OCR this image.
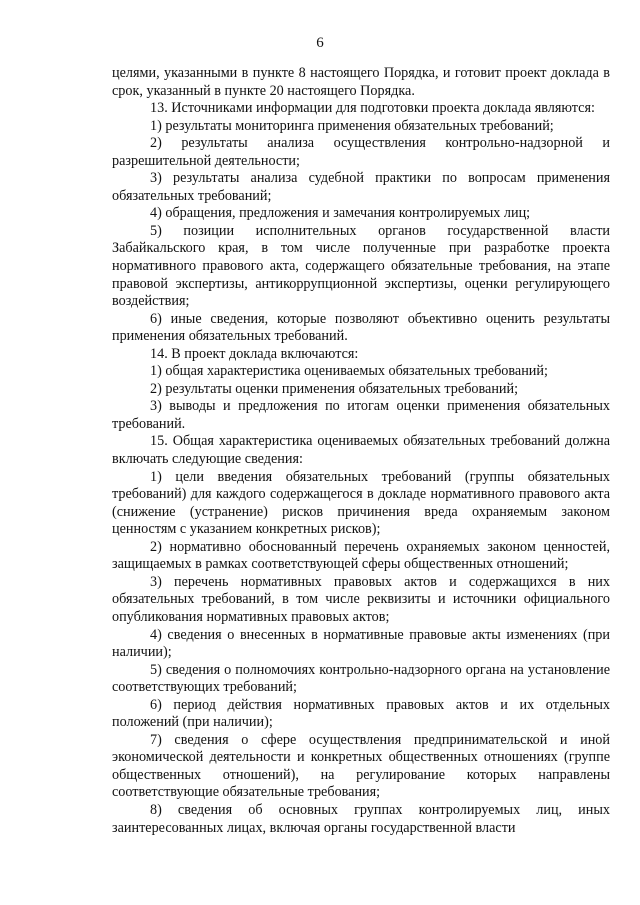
6

целями, указанными в пункте 8 настоящего Порядка, и готовит проект доклада в срок, указанный в пункте 20 настоящего Порядка.

13. Источниками информации для подготовки проекта доклада являются:

1) результаты мониторинга применения обязательных требований;

2) результаты анализа осуществления контрольно-надзорной и разрешительной деятельности;

3) результаты анализа судебной практики по вопросам применения обязательных требований;

4) обращения, предложения и замечания контролируемых лиц;

5) позиции исполнительных органов государственной власти Забайкальского края, в том числе полученные при разработке проекта нормативного правового акта, содержащего обязательные требования, на этапе правовой экспертизы, антикоррупционной экспертизы, оценки регулирующего воздействия;

6) иные сведения, которые позволяют объективно оценить результаты применения обязательных требований.

14. В проект доклада включаются:

1) общая характеристика оцениваемых обязательных требований;

2) результаты оценки применения обязательных требований;

3) выводы и предложения по итогам оценки применения обязательных требований.

15. Общая характеристика оцениваемых обязательных требований должна включать следующие сведения:

1) цели введения обязательных требований (группы обязательных требований) для каждого содержащегося в докладе нормативного правового акта (снижение (устранение) рисков причинения вреда охраняемым законом ценностям с указанием конкретных рисков);

2) нормативно обоснованный перечень охраняемых законом ценностей, защищаемых в рамках соответствующей сферы общественных отношений;

3) перечень нормативных правовых актов и содержащихся в них обязательных требований, в том числе реквизиты и источники официального опубликования нормативных правовых актов;

4) сведения о внесенных в нормативные правовые акты изменениях (при наличии);

5) сведения о полномочиях контрольно-надзорного органа на установление соответствующих требований;

6) период действия нормативных правовых актов и их отдельных положений (при наличии);

7) сведения о сфере осуществления предпринимательской и иной экономической деятельности и конкретных общественных отношениях (группе общественных отношений), на регулирование которых направлены соответствующие обязательные требования;

8) сведения об основных группах контролируемых лиц, иных заинтересованных лицах, включая органы государственной власти
